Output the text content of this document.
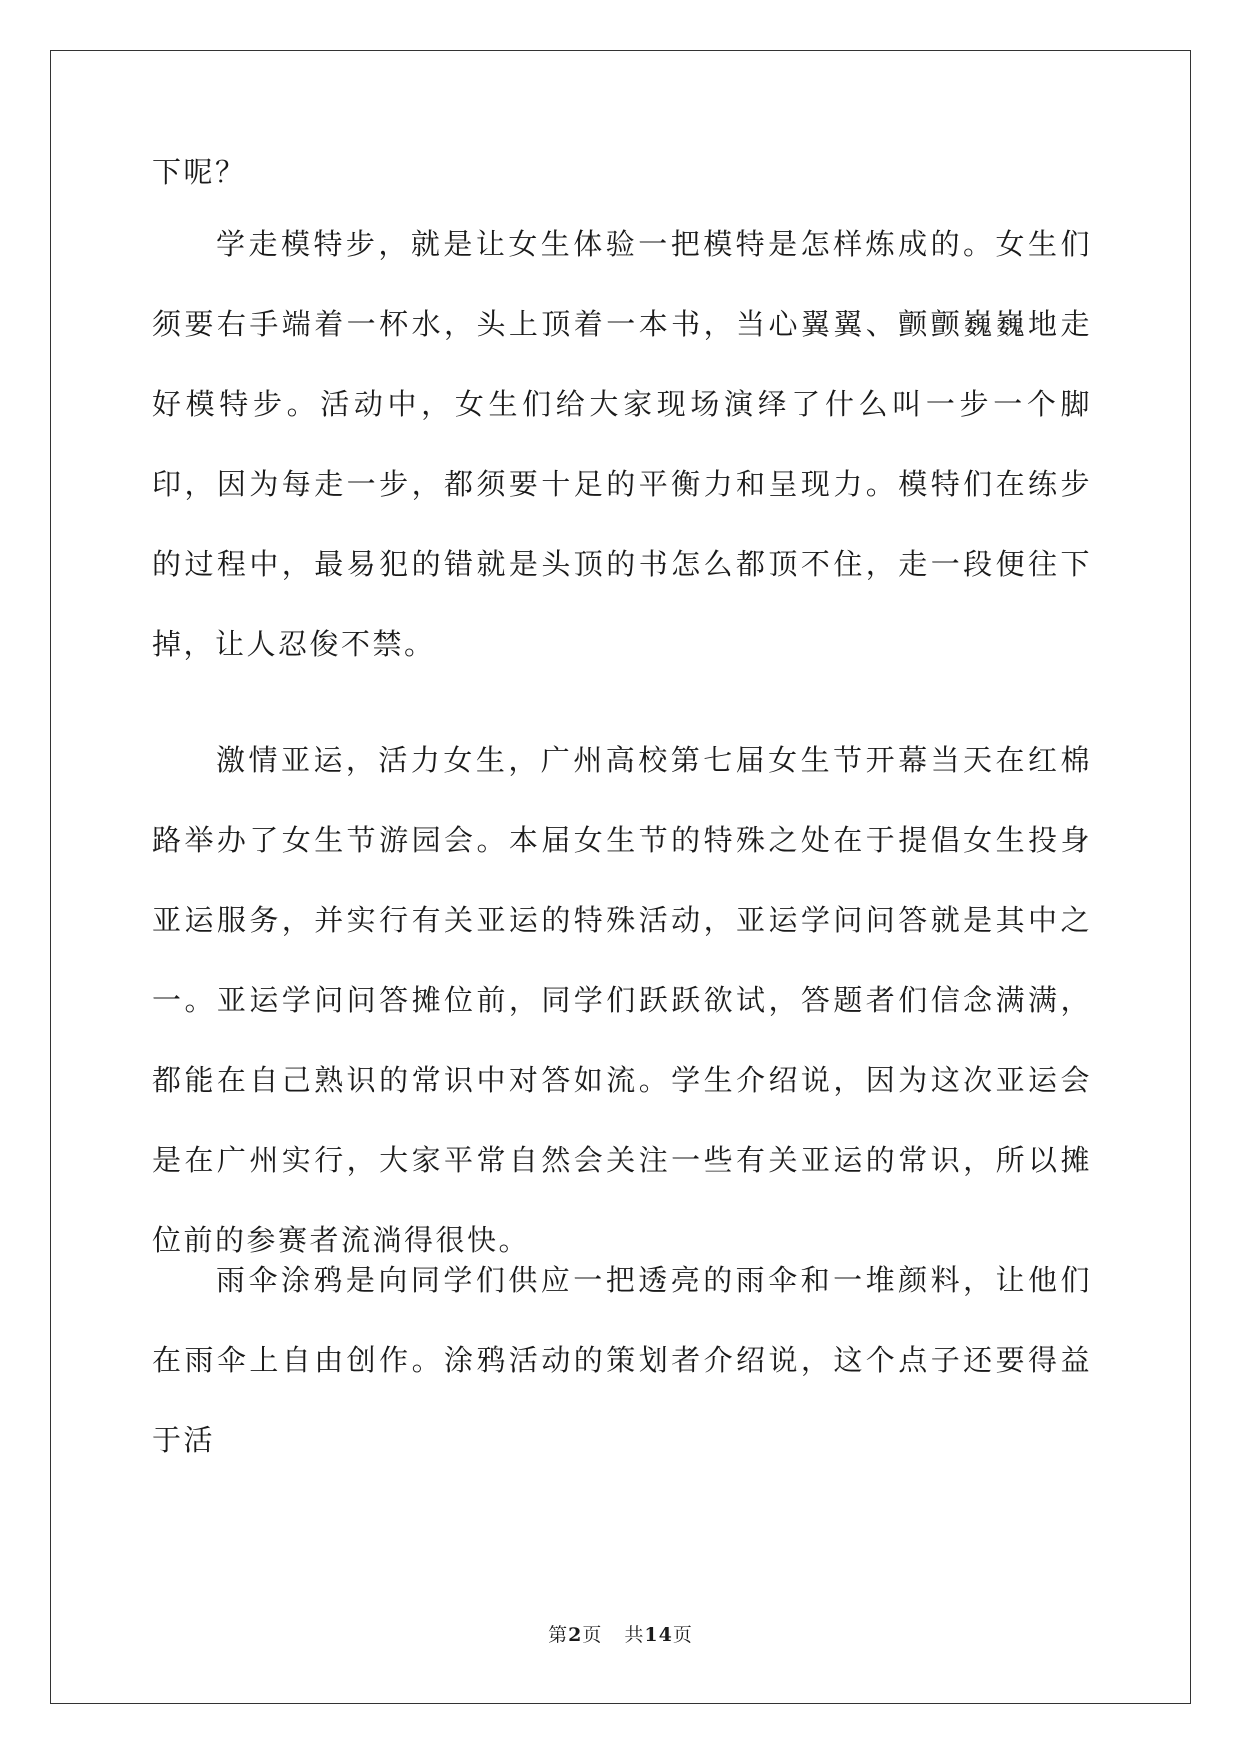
下呢？

学走模特步，就是让女生体验一把模特是怎样炼成的。女生们须要右手端着一杯水，头上顶着一本书，当心翼翼、颤颤巍巍地走好模特步。活动中，女生们给大家现场演绎了什么叫一步一个脚印，因为每走一步，都须要十足的平衡力和呈现力。模特们在练步的过程中，最易犯的错就是头顶的书怎么都顶不住，走一段便往下掉，让人忍俊不禁。

激情亚运，活力女生，广州高校第七届女生节开幕当天在红棉路举办了女生节游园会。本届女生节的特殊之处在于提倡女生投身亚运服务，并实行有关亚运的特殊活动，亚运学问问答就是其中之一。亚运学问问答摊位前，同学们跃跃欲试，答题者们信念满满，都能在自己熟识的常识中对答如流。学生介绍说，因为这次亚运会是在广州实行，大家平常自然会关注一些有关亚运的常识，所以摊位前的参赛者流淌得很快。

雨伞涂鸦是向同学们供应一把透亮的雨伞和一堆颜料，让他们在雨伞上自由创作。涂鸦活动的策划者介绍说，这个点子还要得益于活

第2页 共14页
